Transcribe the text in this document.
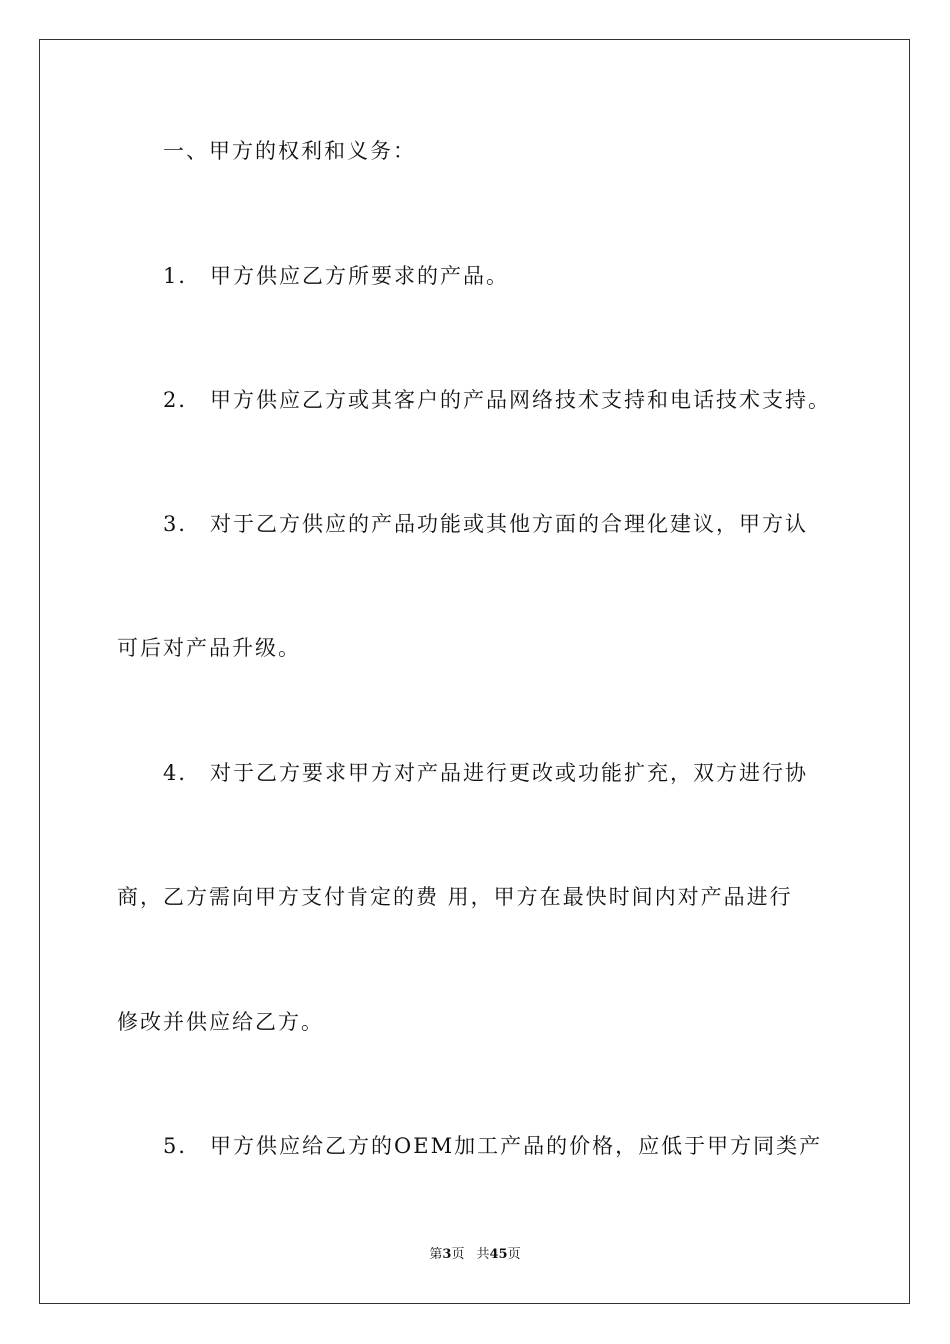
一、甲方的权利和义务：
1． 甲方供应乙方所要求的产品。
2． 甲方供应乙方或其客户的产品网络技术支持和电话技术支持。
3． 对于乙方供应的产品功能或其他方面的合理化建议，甲方认
可后对产品升级。
4． 对于乙方要求甲方对产品进行更改或功能扩充，双方进行协
商，乙方需向甲方支付肯定的费 用，甲方在最快时间内对产品进行
修改并供应给乙方。
5． 甲方供应给乙方的OEM加工产品的价格，应低于甲方同类产
第3页 共45页
